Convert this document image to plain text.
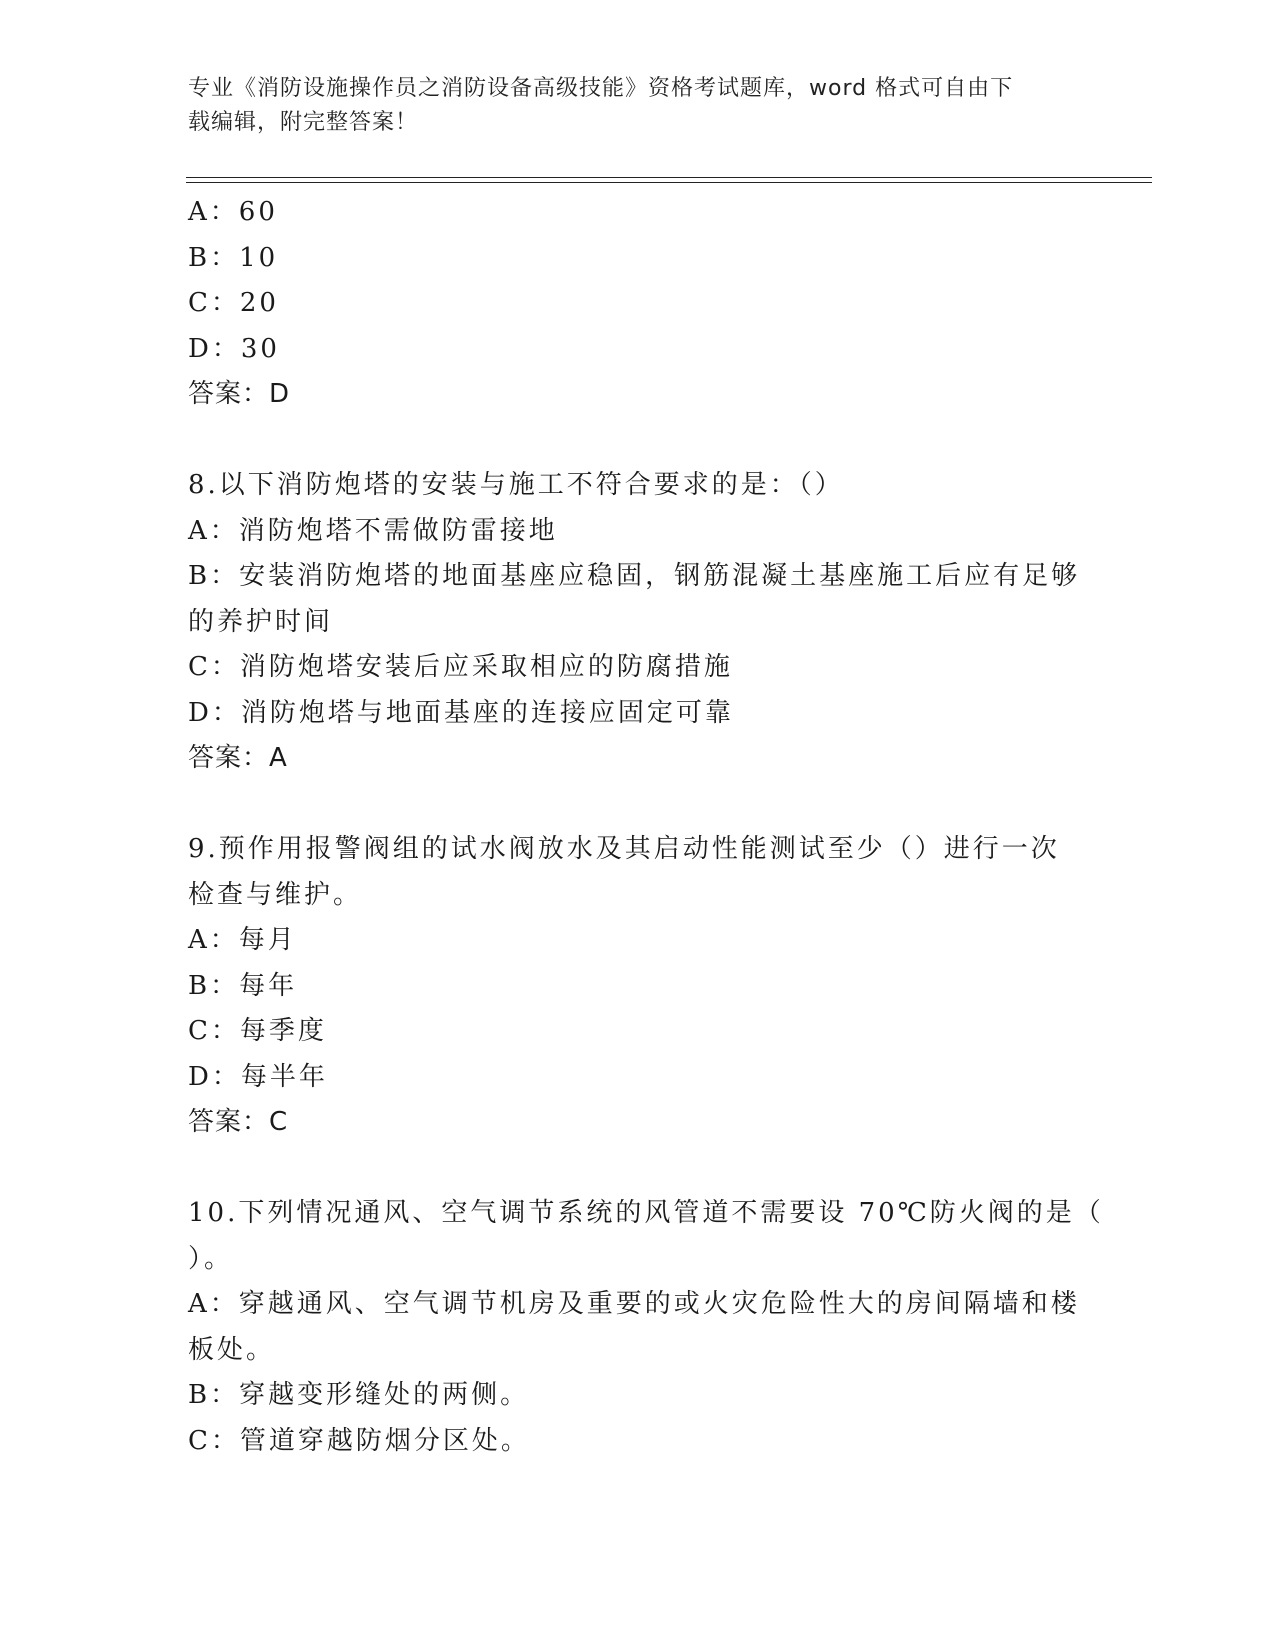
专业《消防设施操作员之消防设备高级技能》资格考试题库，word 格式可自由下
载编辑，附完整答案！
A：60
B：10
C：20
D：30
答案：D
8.以下消防炮塔的安装与施工不符合要求的是：（）
A：消防炮塔不需做防雷接地
B：安装消防炮塔的地面基座应稳固，钢筋混凝土基座施工后应有足够
的养护时间
C：消防炮塔安装后应采取相应的防腐措施
D：消防炮塔与地面基座的连接应固定可靠
答案：A
9.预作用报警阀组的试水阀放水及其启动性能测试至少（）进行一次
检查与维护。
A：每月
B：每年
C：每季度
D：每半年
答案：C
10.下列情况通风、空气调节系统的风管道不需要设 70℃防火阀的是（
）。
A：穿越通风、空气调节机房及重要的或火灾危险性大的房间隔墙和楼
板处。
B：穿越变形缝处的两侧。
C：管道穿越防烟分区处。
